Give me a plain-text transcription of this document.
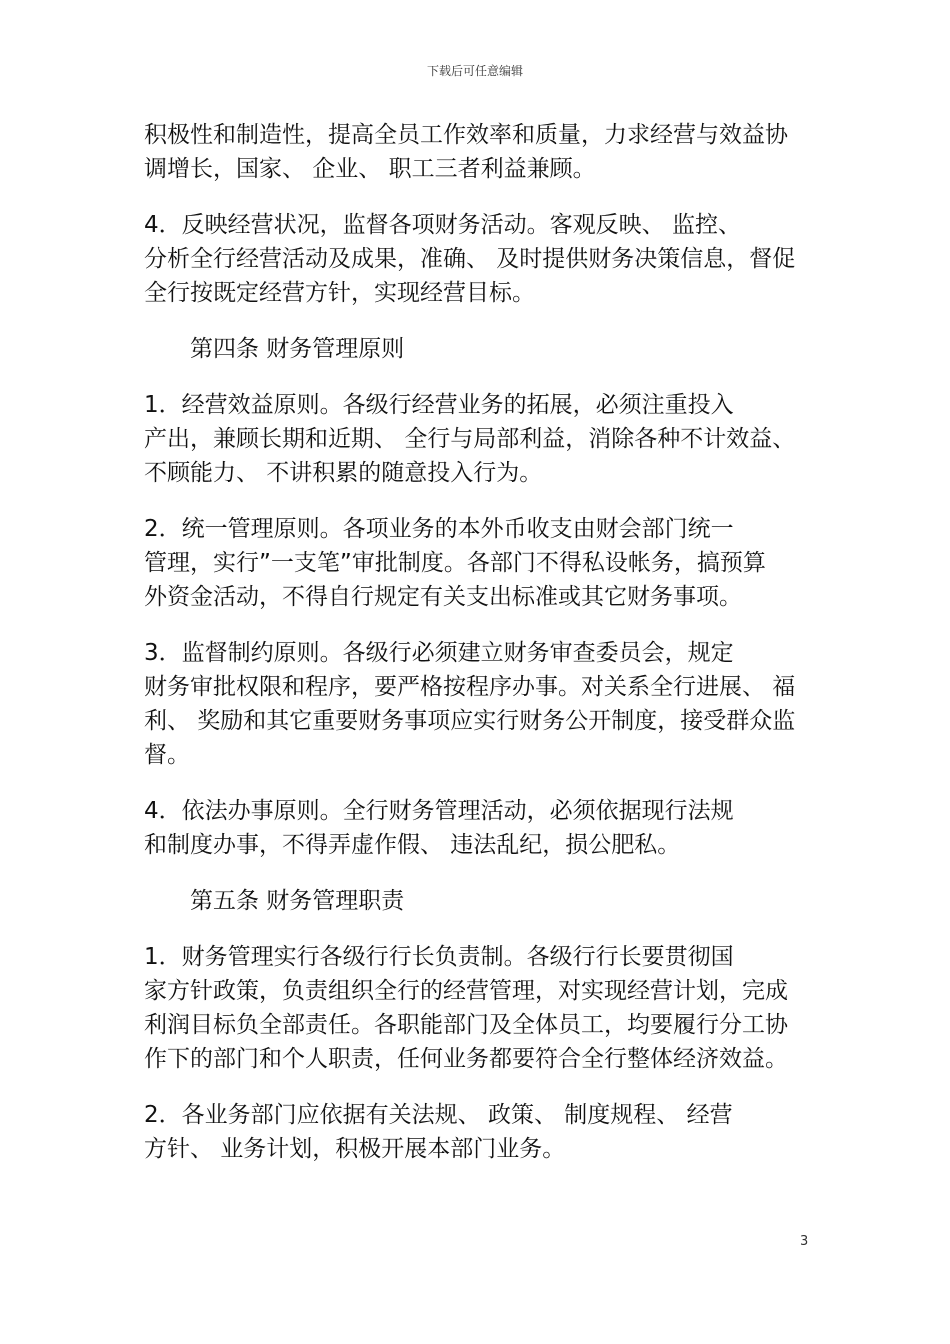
下载后可任意编辑

积极性和制造性，提高全员工作效率和质量，力求经营与效益协
调增长，国家、 企业、 职工三者利益兼顾。

4．反映经营状况，监督各项财务活动。客观反映、 监控、
分析全行经营活动及成果，准确、 及时提供财务决策信息，督促
全行按既定经营方针，实现经营目标。

第四条 财务管理原则

1．经营效益原则。各级行经营业务的拓展，必须注重投入
产出，兼顾长期和近期、 全行与局部利益，消除各种不计效益、
不顾能力、 不讲积累的随意投入行为。

2．统一管理原则。各项业务的本外币收支由财会部门统一
管理，实行”一支笔”审批制度。各部门不得私设帐务，搞预算
外资金活动，不得自行规定有关支出标准或其它财务事项。

3．监督制约原则。各级行必须建立财务审查委员会，规定
财务审批权限和程序，要严格按程序办事。对关系全行进展、 福
利、 奖励和其它重要财务事项应实行财务公开制度，接受群众监
督。

4．依法办事原则。全行财务管理活动，必须依据现行法规
和制度办事，不得弄虚作假、 违法乱纪，损公肥私。

第五条 财务管理职责

1．财务管理实行各级行行长负责制。各级行行长要贯彻国
家方针政策，负责组织全行的经营管理，对实现经营计划，完成
利润目标负全部责任。各职能部门及全体员工，均要履行分工协
作下的部门和个人职责，任何业务都要符合全行整体经济效益。

2．各业务部门应依据有关法规、 政策、 制度规程、 经营
方针、 业务计划，积极开展本部门业务。

3
